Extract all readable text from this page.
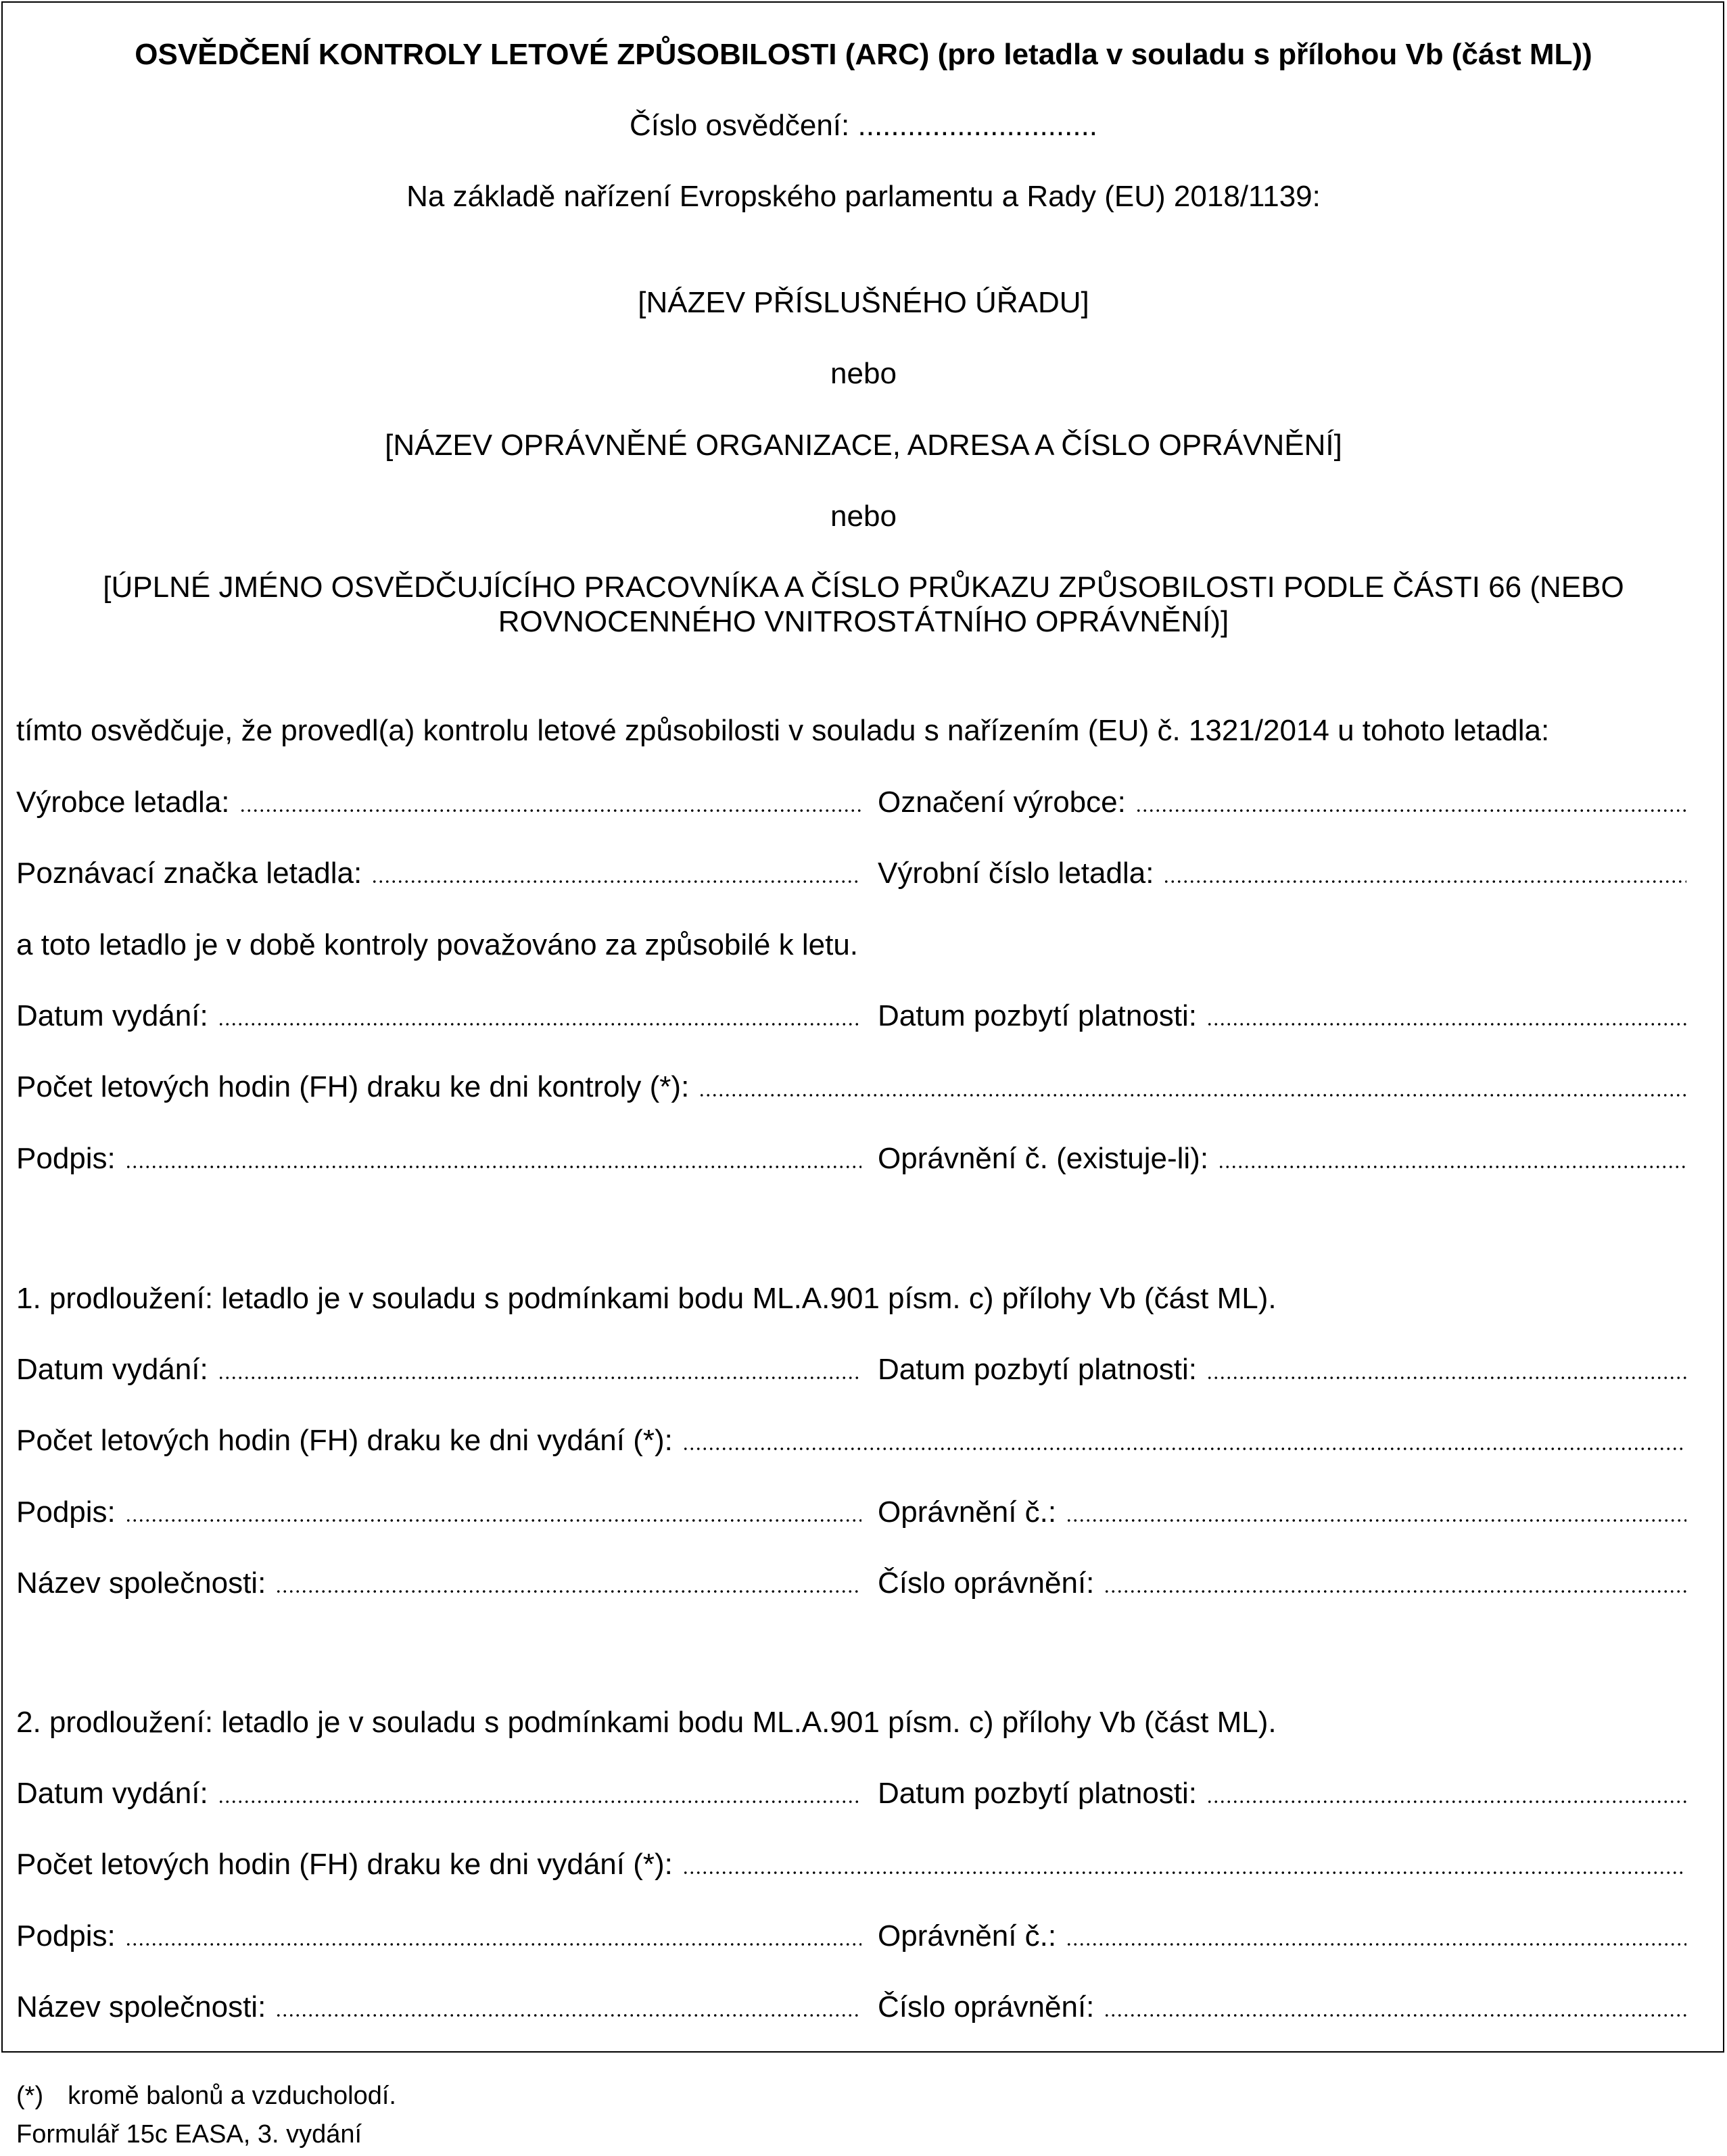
OSVĚDČENÍ KONTROLY LETOVÉ ZPŮSOBILOSTI (ARC) (pro letadla v souladu s přílohou Vb (část ML))
Číslo osvědčení: .............................
Na základě nařízení Evropského parlamentu a Rady (EU) 2018/1139:
[NÁZEV PŘÍSLUŠNÉHO ÚŘADU]
nebo
[NÁZEV OPRÁVNĚNÉ ORGANIZACE, ADRESA A ČÍSLO OPRÁVNĚNÍ]
nebo
[ÚPLNÉ JMÉNO OSVĚDČUJÍCÍHO PRACOVNÍKA A ČÍSLO PRŮKAZU ZPŮSOBILOSTI PODLE ČÁSTI 66 (NEBO
ROVNOCENNÉHO VNITROSTÁTNÍHO OPRÁVNĚNÍ)]
tímto osvědčuje, že provedl(a) kontrolu letové způsobilosti v souladu s nařízením (EU) č. 1321/2014 u tohoto letadla:
Výrobce letadla:	Označení výrobce:
Poznávací značka letadla:	Výrobní číslo letadla:
a toto letadlo je v době kontroly považováno za způsobilé k letu.
Datum vydání:	Datum pozbytí platnosti:
Počet letových hodin (FH) draku ke dni kontroly (*):
Podpis:	Oprávnění č. (existuje-li):
1. prodloužení: letadlo je v souladu s podmínkami bodu ML.A.901 písm. c) přílohy Vb (část ML).
Datum vydání:	Datum pozbytí platnosti:
Počet letových hodin (FH) draku ke dni vydání (*):
Podpis:	Oprávnění č.:
Název společnosti:	Číslo oprávnění:
2. prodloužení: letadlo je v souladu s podmínkami bodu ML.A.901 písm. c) přílohy Vb (část ML).
Datum vydání:	Datum pozbytí platnosti:
Počet letových hodin (FH) draku ke dni vydání (*):
Podpis:	Oprávnění č.:
Název společnosti:	Číslo oprávnění:
(*) kromě balonů a vzducholodí.
Formulář 15c EASA, 3. vydání
